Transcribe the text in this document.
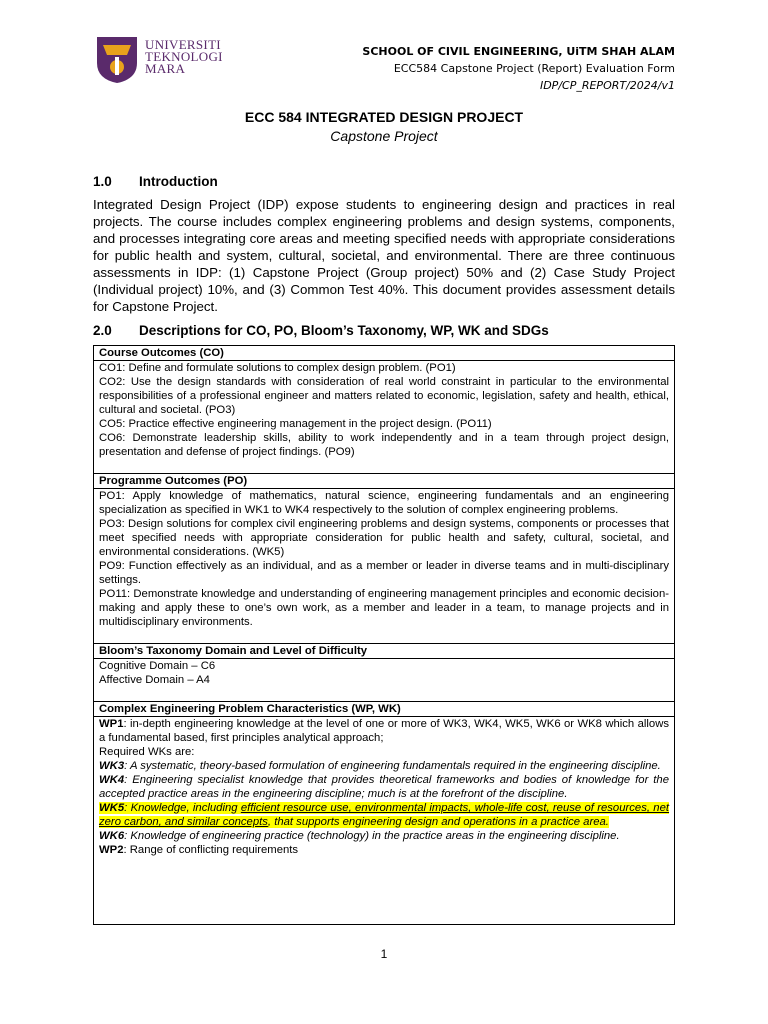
UNIVERSITI
TEKNOLOGI
MARA
SCHOOL OF CIVIL ENGINEERING, UiTM SHAH ALAM
ECC584 Capstone Project (Report) Evaluation Form
IDP/CP_REPORT/2024/v1
ECC 584 INTEGRATED DESIGN PROJECT
Capstone Project
1.0 Introduction
Integrated Design Project (IDP) expose students to engineering design and practices in real projects. The course includes complex engineering problems and design systems, components, and processes integrating core areas and meeting specified needs with appropriate considerations for public health and system, cultural, societal, and environmental. There are three continuous assessments in IDP: (1) Capstone Project (Group project) 50% and (2) Case Study Project (Individual project) 10%, and (3) Common Test 40%. This document provides assessment details for Capstone Project.
2.0 Descriptions for CO, PO, Bloom’s Taxonomy, WP, WK and SDGs
Course Outcomes (CO)

CO1: Define and formulate solutions to complex design problem. (PO1)

CO2: Use the design standards with consideration of real world constraint in particular to the environmental responsibilities of a professional engineer and matters related to economic, legislation, safety and health, ethical, cultural and societal. (PO3)

CO5: Practice effective engineering management in the project design. (PO11)

CO6: Demonstrate leadership skills, ability to work independently and in a team through project design, presentation and defense of project findings. (PO9)

Programme Outcomes (PO)

PO1: Apply knowledge of mathematics, natural science, engineering fundamentals and an engineering specialization as specified in WK1 to WK4 respectively to the solution of complex engineering problems.

PO3: Design solutions for complex civil engineering problems and design systems, components or processes that meet specified needs with appropriate consideration for public health and safety, cultural, societal, and environmental considerations. (WK5)

PO9: Function effectively as an individual, and as a member or leader in diverse teams and in multi-disciplinary settings.

PO11: Demonstrate knowledge and understanding of engineering management principles and economic decision-making and apply these to one’s own work, as a member and leader in a team, to manage projects and in multidisciplinary environments.

Bloom’s Taxonomy Domain and Level of Difficulty

Cognitive Domain – C6

Affective Domain – A4

Complex Engineering Problem Characteristics (WP, WK)

WP1: in-depth engineering knowledge at the level of one or more of WK3, WK4, WK5, WK6 or WK8 which allows a fundamental based, first principles analytical approach;

Required WKs are:

WK3: A systematic, theory-based formulation of engineering fundamentals required in the engineering discipline.

WK4: Engineering specialist knowledge that provides theoretical frameworks and bodies of knowledge for the accepted practice areas in the engineering discipline; much is at the forefront of the discipline.

WK5: Knowledge, including efficient resource use, environmental impacts, whole-life cost, reuse of resources, net zero carbon, and similar concepts, that supports engineering design and operations in a practice area.

WK6: Knowledge of engineering practice (technology) in the practice areas in the engineering discipline.

WP2: Range of conflicting requirements

1
